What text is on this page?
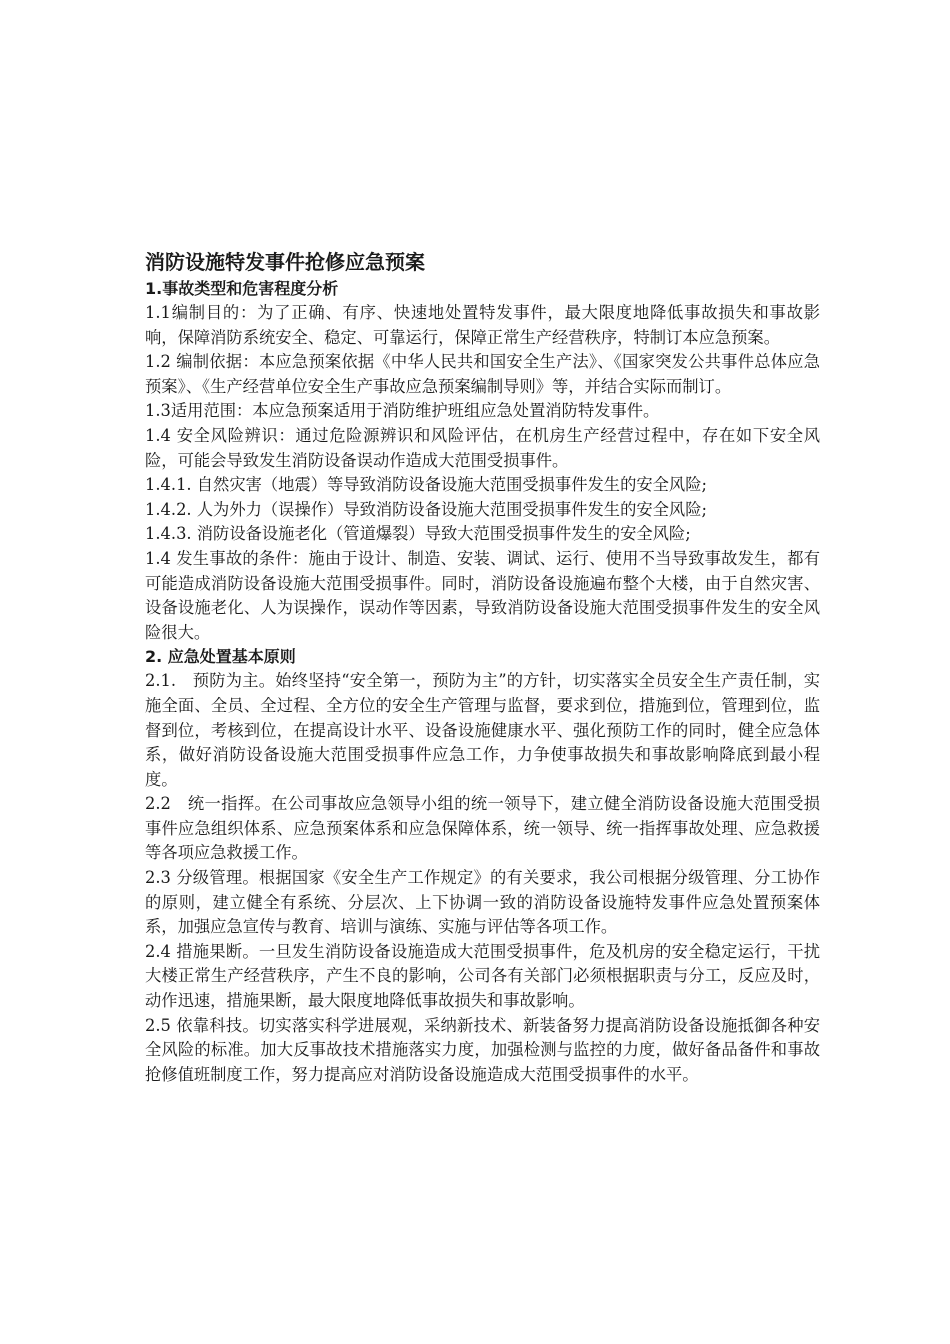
消防设施特发事件抢修应急预案
1.事故类型和危害程度分析

1.1编制目的：为了正确、有序、快速地处置特发事件，最大限度地降低事故损失和事故影响，保障消防系统安全、稳定、可靠运行，保障正常生产经营秩序，特制订本应急预案。

1.2 编制依据：本应急预案依据《中华人民共和国安全生产法》、《国家突发公共事件总体应急预案》、《生产经营单位安全生产事故应急预案编制导则》等，并结合实际而制订。

1.3适用范围：本应急预案适用于消防维护班组应急处置消防特发事件。

1.4 安全风险辨识：通过危险源辨识和风险评估，在机房生产经营过程中，存在如下安全风险，可能会导致发生消防设备误动作造成大范围受损事件。

1.4.1. 自然灾害（地震）等导致消防设备设施大范围受损事件发生的安全风险;

1.4.2. 人为外力（误操作）导致消防设备设施大范围受损事件发生的安全风险;

1.4.3. 消防设备设施老化（管道爆裂）导致大范围受损事件发生的安全风险;

1.4 发生事故的条件：施由于设计、制造、安装、调试、运行、使用不当导致事故发生，都有可能造成消防设备设施大范围受损事件。同时，消防设备设施遍布整个大楼，由于自然灾害、设备设施老化、人为误操作，误动作等因素，导致消防设备设施大范围受损事件发生的安全风险很大。

2. 应急处置基本原则

2.1.　预防为主。始终坚持“安全第一，预防为主”的方针，切实落实全员安全生产责任制，实施全面、全员、全过程、全方位的安全生产管理与监督，要求到位，措施到位，管理到位，监督到位，考核到位，在提高设计水平、设备设施健康水平、强化预防工作的同时，健全应急体系，做好消防设备设施大范围受损事件应急工作，力争使事故损失和事故影响降底到最小程度。

2.2　统一指挥。在公司事故应急领导小组的统一领导下，建立健全消防设备设施大范围受损事件应急组织体系、应急预案体系和应急保障体系，统一领导、统一指挥事故处理、应急救援等各项应急救援工作。

2.3 分级管理。根据国家《安全生产工作规定》的有关要求，我公司根据分级管理、分工协作的原则，建立健全有系统、分层次、上下协调一致的消防设备设施特发事件应急处置预案体系，加强应急宣传与教育、培训与演练、实施与评估等各项工作。

2.4 措施果断。一旦发生消防设备设施造成大范围受损事件，危及机房的安全稳定运行，干扰大楼正常生产经营秩序，产生不良的影响，公司各有关部门必须根据职责与分工，反应及时，动作迅速，措施果断，最大限度地降低事故损失和事故影响。

2.5 依靠科技。切实落实科学进展观，采纳新技术、新装备努力提高消防设备设施抵御各种安全风险的标准。加大反事故技术措施落实力度，加强检测与监控的力度，做好备品备件和事故抢修值班制度工作，努力提高应对消防设备设施造成大范围受损事件的水平。
